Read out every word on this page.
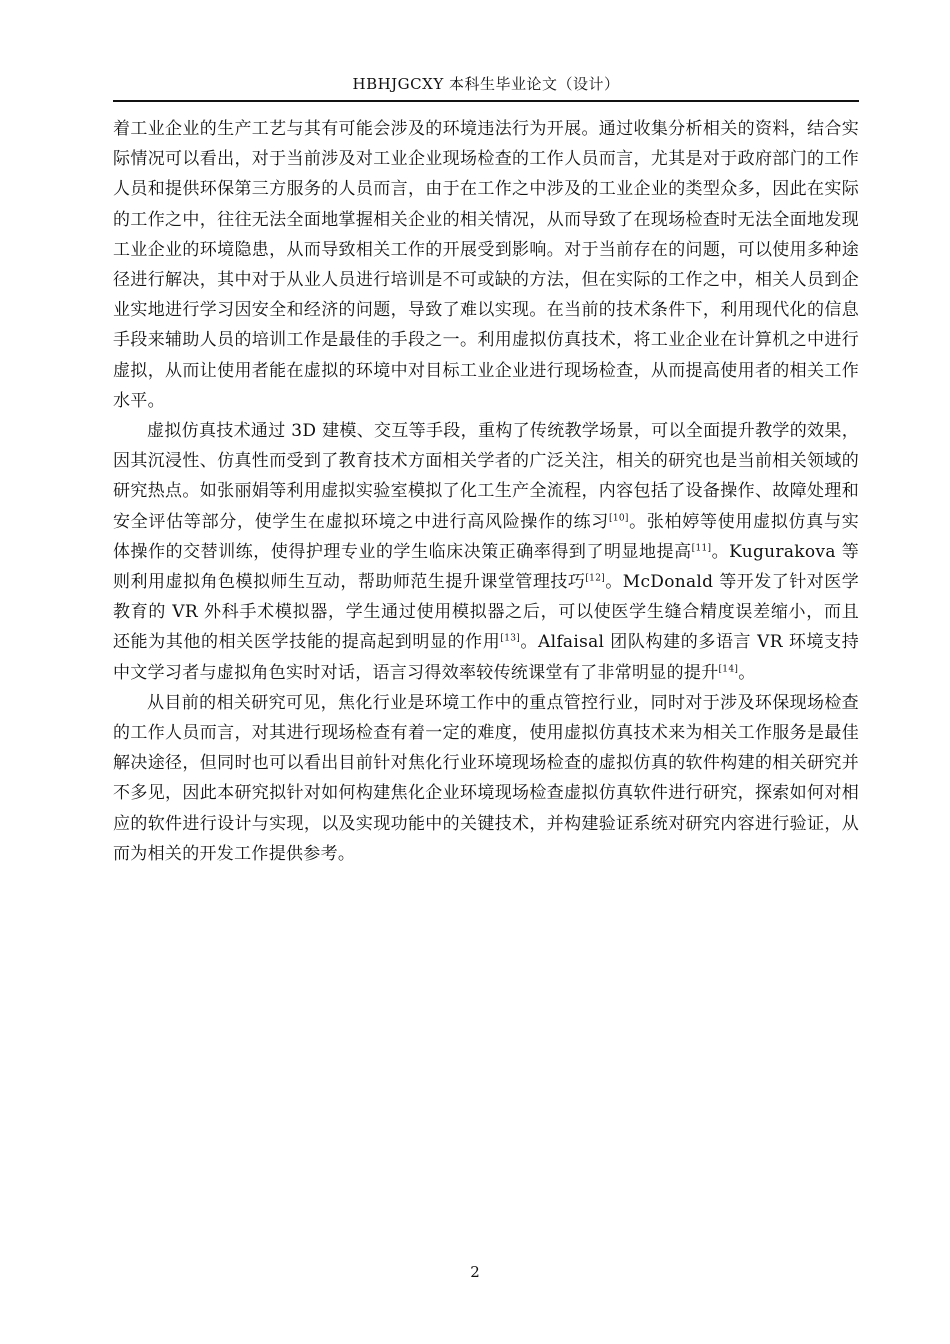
HBHJGCXY 本科生毕业论文（设计）

着工业企业的生产工艺与其有可能会涉及的环境违法行为开展。通过收集分析相关的资料，结合实际情况可以看出，对于当前涉及对工业企业现场检查的工作人员而言，尤其是对于政府部门的工作人员和提供环保第三方服务的人员而言，由于在工作之中涉及的工业企业的类型众多，因此在实际的工作之中，往往无法全面地掌握相关企业的相关情况，从而导致了在现场检查时无法全面地发现工业企业的环境隐患，从而导致相关工作的开展受到影响。对于当前存在的问题，可以使用多种途径进行解决，其中对于从业人员进行培训是不可或缺的方法，但在实际的工作之中，相关人员到企业实地进行学习因安全和经济的问题，导致了难以实现。在当前的技术条件下，利用现代化的信息手段来辅助人员的培训工作是最佳的手段之一。利用虚拟仿真技术，将工业企业在计算机之中进行虚拟，从而让使用者能在虚拟的环境中对目标工业企业进行现场检查，从而提高使用者的相关工作水平。

虚拟仿真技术通过 3D 建模、交互等手段，重构了传统教学场景，可以全面提升教学的效果，因其沉浸性、仿真性而受到了教育技术方面相关学者的广泛关注，相关的研究也是当前相关领域的研究热点。如张丽娟等利用虚拟实验室模拟了化工生产全流程，内容包括了设备操作、故障处理和安全评估等部分，使学生在虚拟环境之中进行高风险操作的练习[10]。张柏婷等使用虚拟仿真与实体操作的交替训练，使得护理专业的学生临床决策正确率得到了明显地提高[11]。Kugurakova 等则利用虚拟角色模拟师生互动，帮助师范生提升课堂管理技巧[12]。McDonald 等开发了针对医学教育的 VR 外科手术模拟器，学生通过使用模拟器之后，可以使医学生缝合精度误差缩小，而且还能为其他的相关医学技能的提高起到明显的作用[13]。Alfaisal 团队构建的多语言 VR 环境支持中文学习者与虚拟角色实时对话，语言习得效率较传统课堂有了非常明显的提升[14]。

从目前的相关研究可见，焦化行业是环境工作中的重点管控行业，同时对于涉及环保现场检查的工作人员而言，对其进行现场检查有着一定的难度，使用虚拟仿真技术来为相关工作服务是最佳解决途径，但同时也可以看出目前针对焦化行业环境现场检查的虚拟仿真的软件构建的相关研究并不多见，因此本研究拟针对如何构建焦化企业环境现场检查虚拟仿真软件进行研究，探索如何对相应的软件进行设计与实现，以及实现功能中的关键技术，并构建验证系统对研究内容进行验证，从而为相关的开发工作提供参考。

2
